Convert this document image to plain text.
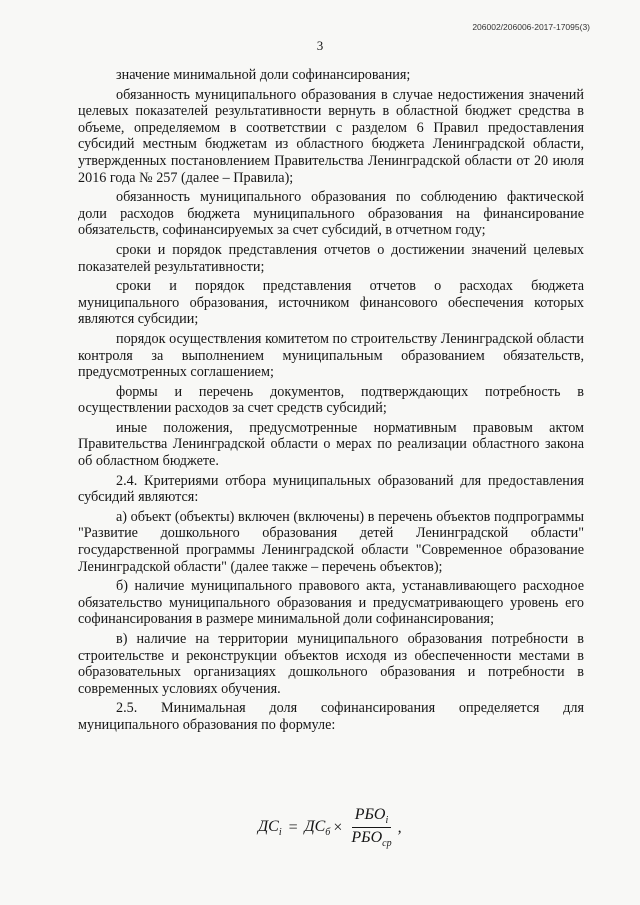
206002/206006-2017-17095(3)
3

значение минимальной доли софинансирования;

обязанность муниципального образования в случае недостижения значений целевых показателей результативности вернуть в областной бюджет средства в объеме, определяемом в соответствии с разделом 6 Правил предоставления субсидий местным бюджетам из областного бюджета Ленинградской области, утвержденных постановлением Правительства Ленинградской области от 20 июля 2016 года № 257 (далее – Правила);

обязанность муниципального образования по соблюдению фактической доли расходов бюджета муниципального образования на финансирование обязательств, софинансируемых за счет субсидий, в отчетном году;

сроки и порядок представления отчетов о достижении значений целевых показателей результативности;

сроки и порядок представления отчетов о расходах бюджета муниципального образования, источником финансового обеспечения которых являются субсидии;

порядок осуществления комитетом по строительству Ленинградской области контроля за выполнением муниципальным образованием обязательств, предусмотренных соглашением;

формы и перечень документов, подтверждающих потребность в осуществлении расходов за счет средств субсидий;

иные положения, предусмотренные нормативным правовым актом Правительства Ленинградской области о мерах по реализации областного закона об областном бюджете.

2.4. Критериями отбора муниципальных образований для предоставления субсидий являются:

а) объект (объекты) включен (включены) в перечень объектов подпрограммы "Развитие дошкольного образования детей Ленинградской области" государственной программы Ленинградской области "Современное образование Ленинградской области" (далее также – перечень объектов);

б) наличие муниципального правового акта, устанавливающего расходное обязательство муниципального образования и предусматривающего уровень его софинансирования в размере минимальной доли софинансирования;

в) наличие на территории муниципального образования потребности в строительстве и реконструкции объектов исходя из обеспеченности местами в образовательных организациях дошкольного образования и потребности в современных условиях обучения.

2.5. Минимальная доля софинансирования определяется для муниципального образования по формуле:

$ДС_i = ДС_б \times \frac{РБО_i}{РБО_{ср}}$ ,
